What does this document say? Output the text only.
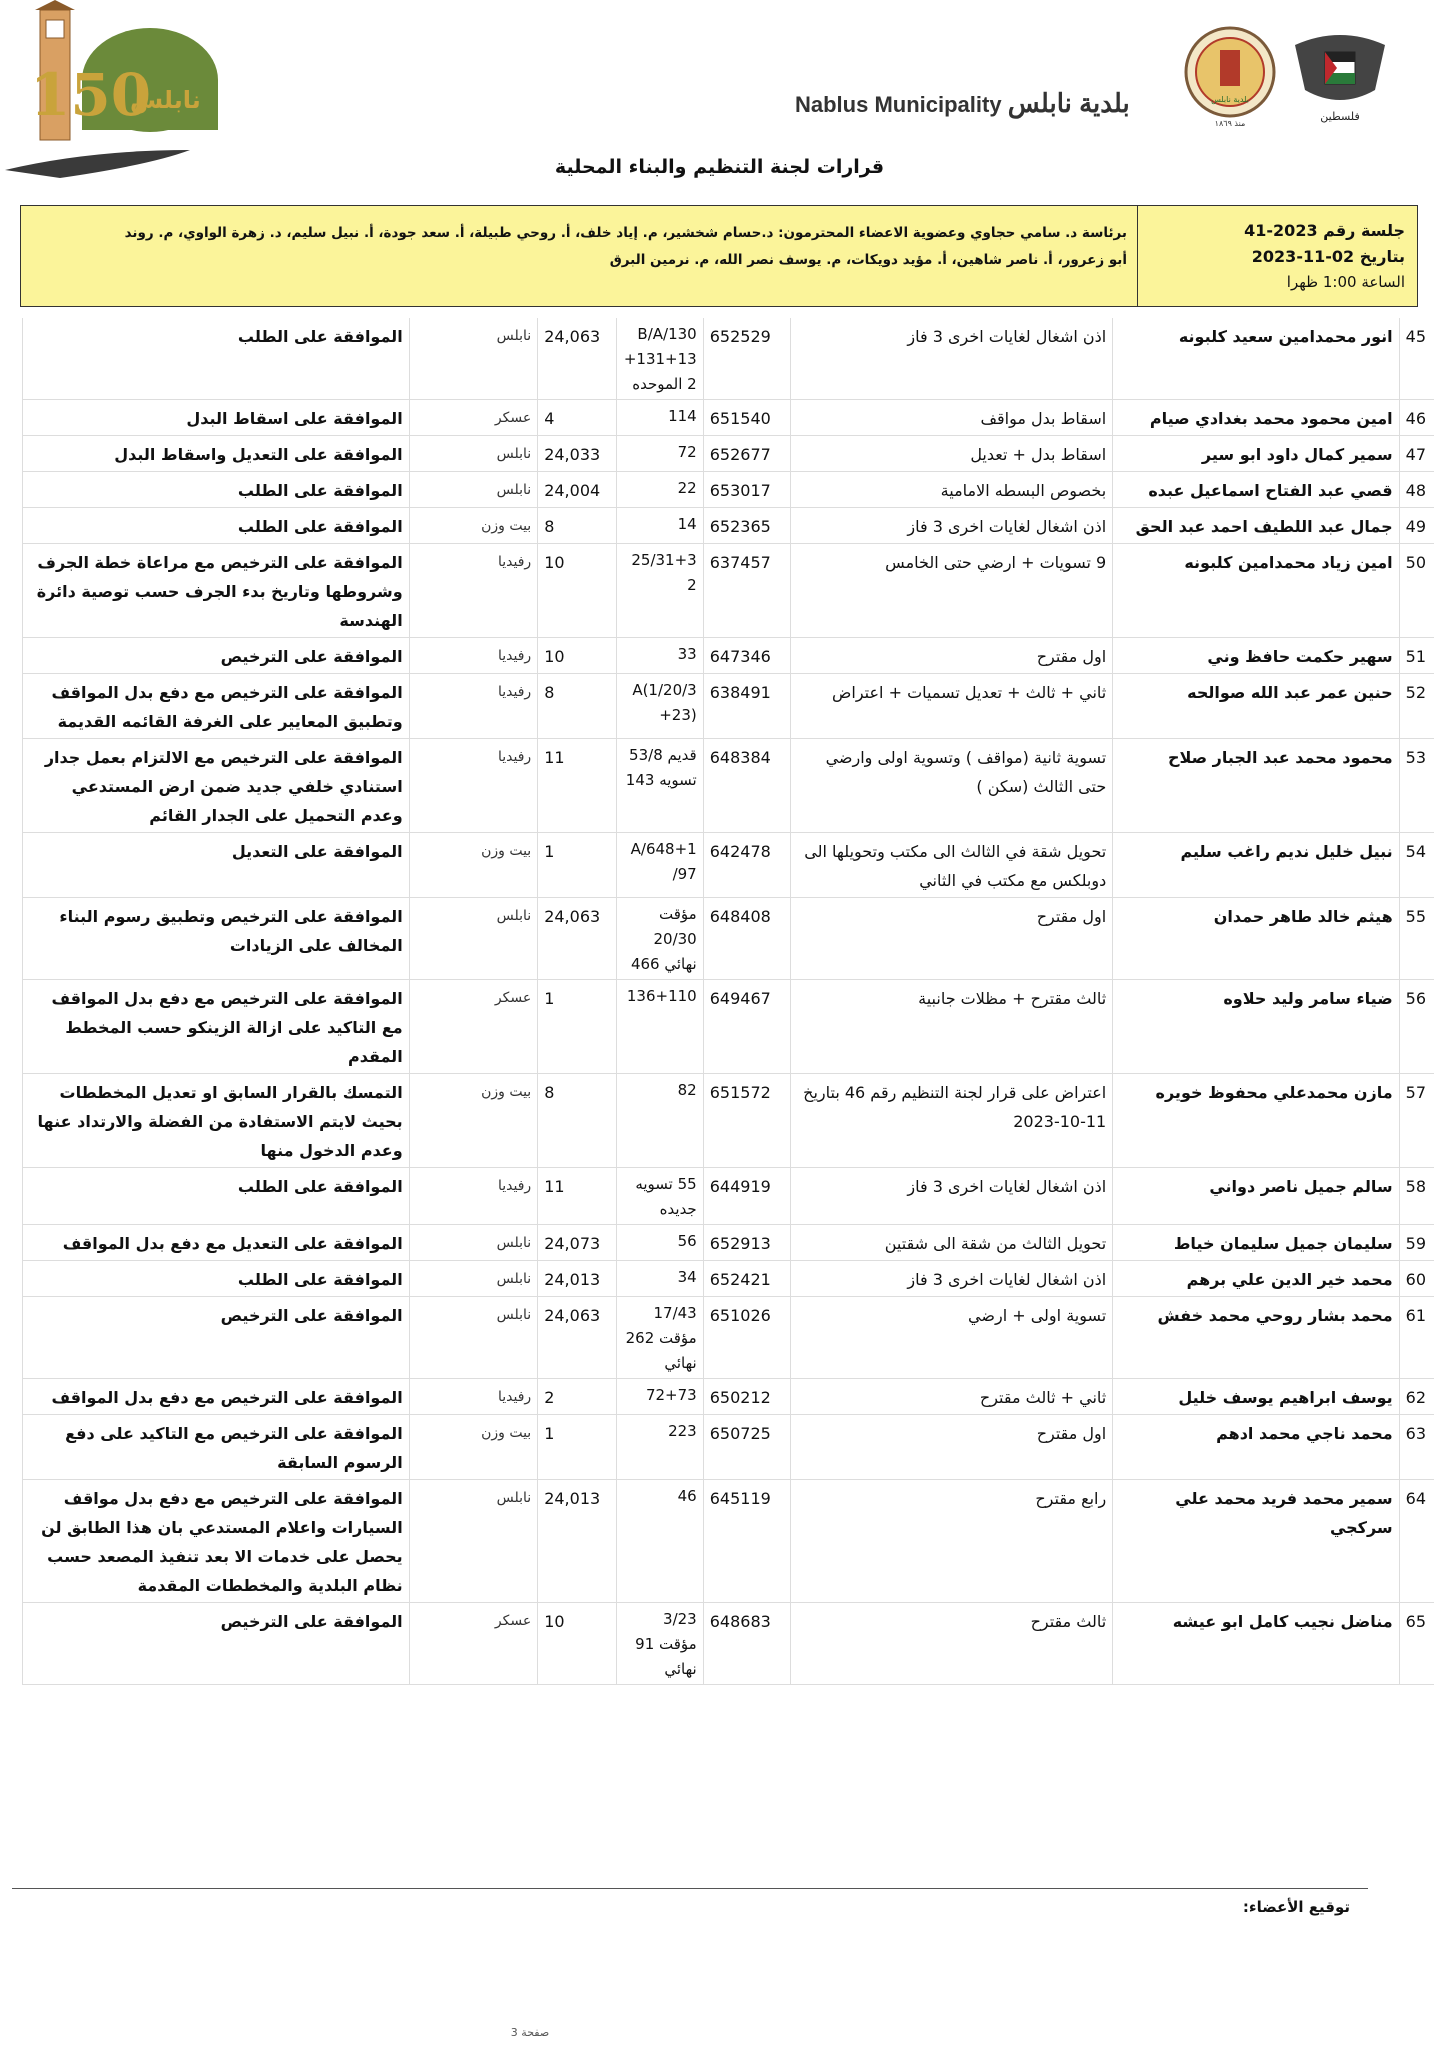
150
نابلس	بلدية نابلس
منذ ١٨٦٩
فلسطين
Nablus Municipality بلدية نابلس
قرارات لجنة التنظيم والبناء المحلية
جلسة رقم 2023-41
بتاريخ 02-11-2023
الساعة 1:00 ظهرا
برئاسة د. سامي حجاوي وعضوية الاعضاء المحترمون: د.حسام شخشير، م. إياد خلف، أ. روحي طبيلة، أ. سعد جودة، أ. نبيل سليم، د. زهرة الواوي، م. روند
أبو زعرور، أ. ناصر شاهين، أ. مؤيد دويكات، م. يوسف نصر الله، م. نرمين البرق
45	انور محمدامين سعيد كلبونه	اذن اشغال لغايات اخرى 3 فاز	652529	B/A/130 +131+13 2 الموحده	24,063	نابلس	الموافقة على الطلب
46	امين محمود محمد بغدادي صيام	اسقاط بدل مواقف	651540	114	4	عسكر	الموافقة على اسقاط البدل
47	سمير كمال داود ابو سير	اسقاط بدل + تعديل	652677	72	24,033	نابلس	الموافقة على التعديل واسقاط البدل
48	قصي عبد الفتاح اسماعيل عبده	بخصوص البسطه الامامية	653017	22	24,004	نابلس	الموافقة على الطلب
49	جمال عبد اللطيف احمد عبد الحق	اذن اشغال لغايات اخرى 3 فاز	652365	14	8	بيت وزن	الموافقة على الطلب
50	امين زياد محمدامين كلبونه	9 تسويات + ارضي حتى الخامس	637457	25/31+3 2	10	رفيديا	الموافقة على الترخيص مع مراعاة خطة الجرف وشروطها وتاريخ بدء الجرف حسب توصية دائرة الهندسة
51	سهير حكمت حافظ وني	اول مقترح	647346	33	10	رفيديا	الموافقة على الترخيص
52	حنين عمر عبد الله صوالحه	ثاني + ثالث + تعديل تسميات + اعتراض	638491	A(1/20/3 +23)	8	رفيديا	الموافقة على الترخيص مع دفع بدل المواقف وتطبيق المعايير على الغرفة القائمه القديمة
53	محمود محمد عبد الجبار صلاح	تسوية ثانية (مواقف ) وتسوية اولى وارضي حتى الثالث (سكن )	648384	قديم 53/8 تسويه 143	11	رفيديا	الموافقة على الترخيص مع الالتزام بعمل جدار استنادي خلفي جديد ضمن ارض المستدعي وعدم التحميل على الجدار القائم
54	نبيل خليل نديم راغب سليم	تحويل شقة في الثالث الى مكتب وتحويلها الى دوبلكس مع مكتب في الثاني	642478	A/648+1 /97	1	بيت وزن	الموافقة على التعديل
55	هيثم خالد طاهر حمدان	اول مقترح	648408	مؤقت 20/30 نهائي 466	24,063	نابلس	الموافقة على الترخيص وتطبيق رسوم البناء المخالف على الزيادات
56	ضياء سامر وليد حلاوه	ثالث مقترح + مظلات جانبية	649467	136+110	1	عسكر	الموافقة على الترخيص مع دفع بدل المواقف مع التاكيد على ازالة الزينكو حسب المخطط المقدم
57	مازن محمدعلي محفوظ خويره	اعتراض على قرار لجنة التنظيم رقم 46 بتاريخ 11-10-2023	651572	82	8	بيت وزن	التمسك بالقرار السابق او تعديل المخططات بحيث لايتم الاستفادة من الفضلة والارتداد عنها وعدم الدخول منها
58	سالم جميل ناصر دواني	اذن اشغال لغايات اخرى 3 فاز	644919	55 تسويه جديده	11	رفيديا	الموافقة على الطلب
59	سليمان جميل سليمان خياط	تحويل الثالث من شقة الى شقتين	652913	56	24,073	نابلس	الموافقة على التعديل مع دفع بدل المواقف
60	محمد خير الدين علي برهم	اذن اشغال لغايات اخرى 3 فاز	652421	34	24,013	نابلس	الموافقة على الطلب
61	محمد بشار روحي محمد خفش	تسوية اولى + ارضي	651026	17/43 مؤقت 262 نهائي	24,063	نابلس	الموافقة على الترخيص
62	يوسف ابراهيم يوسف خليل	ثاني + ثالث مقترح	650212	72+73	2	رفيديا	الموافقة على الترخيص مع دفع بدل المواقف
63	محمد ناجي محمد ادهم	اول مقترح	650725	223	1	بيت وزن	الموافقة على الترخيص مع التاكيد على دفع الرسوم السابقة
64	سمير محمد فريد محمد علي سركجي	رابع مقترح	645119	46	24,013	نابلس	الموافقة على الترخيص مع دفع بدل مواقف السيارات واعلام المستدعي بان هذا الطابق لن يحصل على خدمات الا بعد تنفيذ المصعد حسب نظام البلدية والمخططات المقدمة
65	مناضل نجيب كامل ابو عيشه	ثالث مقترح	648683	3/23 مؤقت 91 نهائي	10	عسكر	الموافقة على الترخيص
توقيع الأعضاء:
صفحة 3
